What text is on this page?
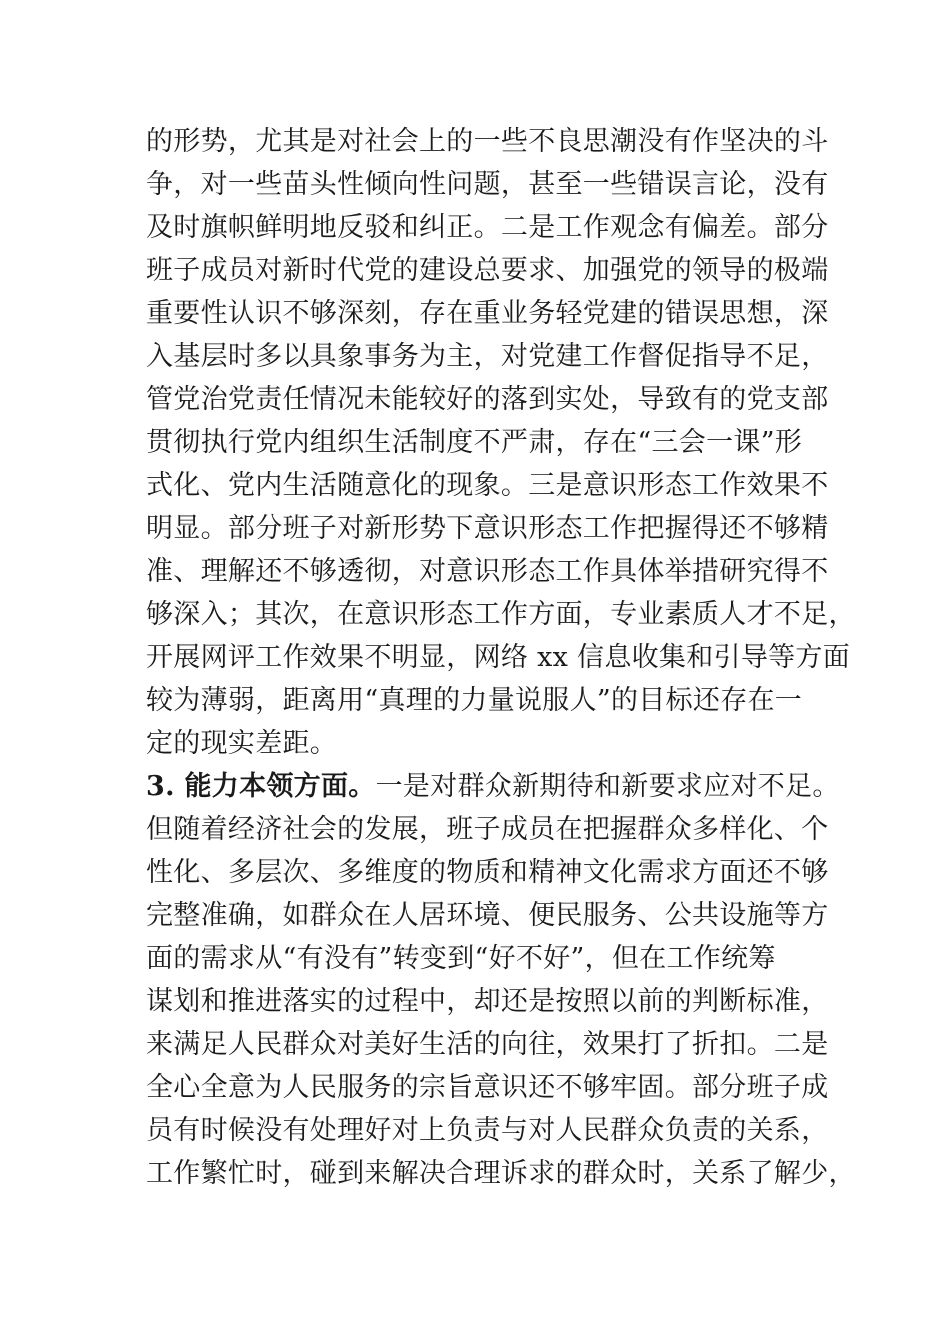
的形势，尤其是对社会上的一些不良思潮没有作坚决的斗
争，对一些苗头性倾向性问题，甚至一些错误言论，没有
及时旗帜鲜明地反驳和纠正。二是工作观念有偏差。部分
班子成员对新时代党的建设总要求、加强党的领导的极端
重要性认识不够深刻，存在重业务轻党建的错误思想，深
入基层时多以具象事务为主，对党建工作督促指导不足，
管党治党责任情况未能较好的落到实处，导致有的党支部
贯彻执行党内组织生活制度不严肃，存在“三会一课”形
式化、党内生活随意化的现象。三是意识形态工作效果不
明显。部分班子对新形势下意识形态工作把握得还不够精
准、理解还不够透彻，对意识形态工作具体举措研究得不
够深入；其次，在意识形态工作方面，专业素质人才不足，
开展网评工作效果不明显，网络 xx 信息收集和引导等方面
较为薄弱，距离用“真理的力量说服人”的目标还存在一
定的现实差距。
3. 能力本领方面。一是对群众新期待和新要求应对不足。
但随着经济社会的发展，班子成员在把握群众多样化、个
性化、多层次、多维度的物质和精神文化需求方面还不够
完整准确，如群众在人居环境、便民服务、公共设施等方
面的需求从“有没有”转变到“好不好”，但在工作统筹
谋划和推进落实的过程中，却还是按照以前的判断标准，
来满足人民群众对美好生活的向往，效果打了折扣。二是
全心全意为人民服务的宗旨意识还不够牢固。部分班子成
员有时候没有处理好对上负责与对人民群众负责的关系，
工作繁忙时，碰到来解决合理诉求的群众时，关系了解少，
